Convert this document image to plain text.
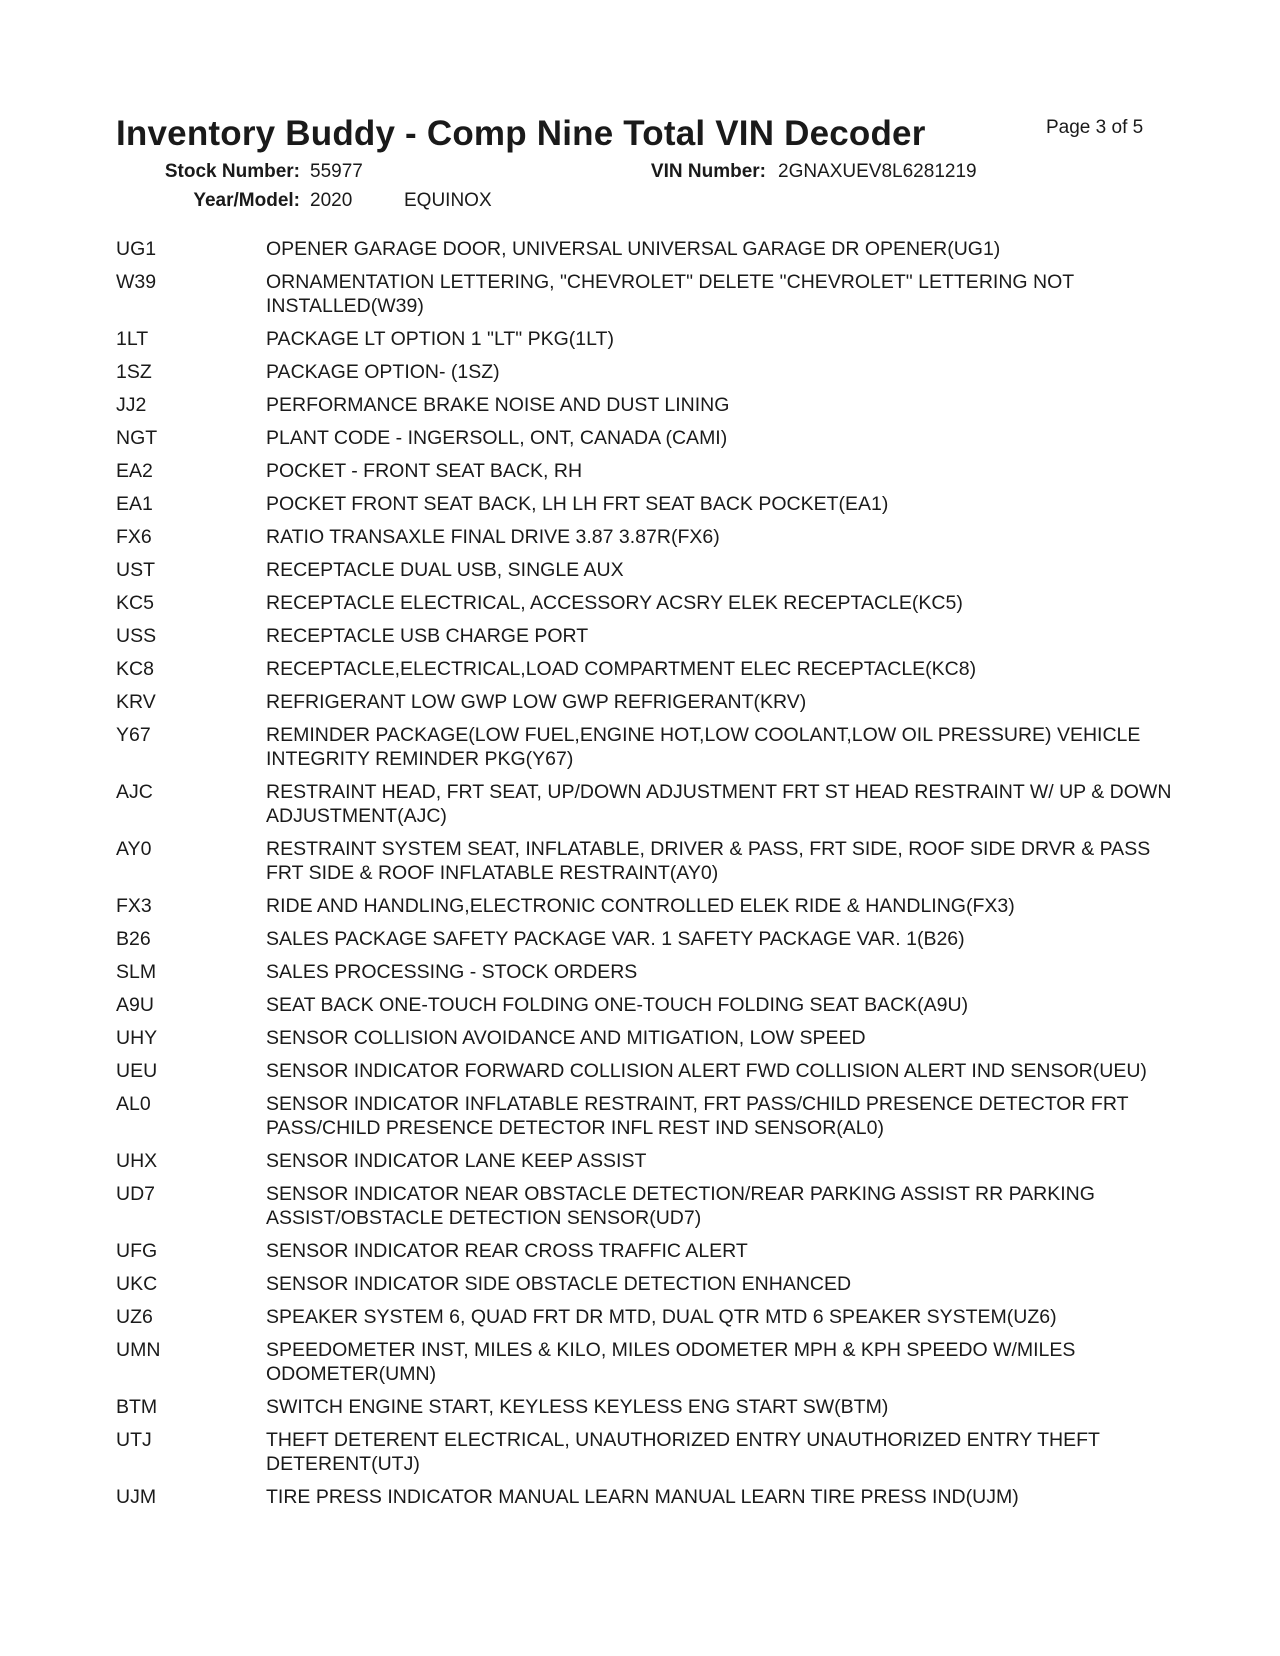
Inventory Buddy - Comp Nine Total VIN Decoder	Page 3 of 5
Stock Number: 55977	VIN Number: 2GNAXUEV8L6281219
Year/Model: 2020	EQUINOX
UG1	OPENER GARAGE DOOR, UNIVERSAL UNIVERSAL GARAGE DR OPENER(UG1)
W39	ORNAMENTATION LETTERING, "CHEVROLET" DELETE "CHEVROLET" LETTERING NOT INSTALLED(W39)
1LT	PACKAGE LT OPTION 1 "LT" PKG(1LT)
1SZ	PACKAGE OPTION- (1SZ)
JJ2	PERFORMANCE BRAKE NOISE AND DUST LINING
NGT	PLANT CODE - INGERSOLL, ONT, CANADA (CAMI)
EA2	POCKET - FRONT SEAT BACK, RH
EA1	POCKET FRONT SEAT BACK, LH LH FRT SEAT BACK POCKET(EA1)
FX6	RATIO TRANSAXLE FINAL DRIVE 3.87 3.87R(FX6)
UST	RECEPTACLE DUAL USB, SINGLE AUX
KC5	RECEPTACLE ELECTRICAL, ACCESSORY ACSRY ELEK RECEPTACLE(KC5)
USS	RECEPTACLE USB CHARGE PORT
KC8	RECEPTACLE,ELECTRICAL,LOAD COMPARTMENT ELEC RECEPTACLE(KC8)
KRV	REFRIGERANT LOW GWP LOW GWP REFRIGERANT(KRV)
Y67	REMINDER PACKAGE(LOW FUEL,ENGINE HOT,LOW COOLANT,LOW OIL PRESSURE) VEHICLE INTEGRITY REMINDER PKG(Y67)
AJC	RESTRAINT HEAD, FRT SEAT, UP/DOWN ADJUSTMENT FRT ST HEAD RESTRAINT W/ UP & DOWN ADJUSTMENT(AJC)
AY0	RESTRAINT SYSTEM SEAT, INFLATABLE, DRIVER & PASS, FRT SIDE, ROOF SIDE DRVR & PASS FRT SIDE & ROOF INFLATABLE RESTRAINT(AY0)
FX3	RIDE AND HANDLING,ELECTRONIC CONTROLLED ELEK RIDE & HANDLING(FX3)
B26	SALES PACKAGE SAFETY PACKAGE VAR. 1 SAFETY PACKAGE VAR. 1(B26)
SLM	SALES PROCESSING - STOCK ORDERS
A9U	SEAT BACK ONE-TOUCH FOLDING ONE-TOUCH FOLDING SEAT BACK(A9U)
UHY	SENSOR COLLISION AVOIDANCE AND MITIGATION, LOW SPEED
UEU	SENSOR INDICATOR FORWARD COLLISION ALERT FWD COLLISION ALERT IND SENSOR(UEU)
AL0	SENSOR INDICATOR INFLATABLE RESTRAINT, FRT PASS/CHILD PRESENCE DETECTOR FRT PASS/CHILD PRESENCE DETECTOR INFL REST IND SENSOR(AL0)
UHX	SENSOR INDICATOR LANE KEEP ASSIST
UD7	SENSOR INDICATOR NEAR OBSTACLE DETECTION/REAR PARKING ASSIST RR PARKING ASSIST/OBSTACLE DETECTION SENSOR(UD7)
UFG	SENSOR INDICATOR REAR CROSS TRAFFIC ALERT
UKC	SENSOR INDICATOR SIDE OBSTACLE DETECTION ENHANCED
UZ6	SPEAKER SYSTEM 6, QUAD FRT DR MTD, DUAL QTR MTD 6 SPEAKER SYSTEM(UZ6)
UMN	SPEEDOMETER INST, MILES & KILO, MILES ODOMETER MPH & KPH SPEEDO W/MILES ODOMETER(UMN)
BTM	SWITCH ENGINE START, KEYLESS KEYLESS ENG START SW(BTM)
UTJ	THEFT DETERENT ELECTRICAL, UNAUTHORIZED ENTRY UNAUTHORIZED ENTRY THEFT DETERENT(UTJ)
UJM	TIRE PRESS INDICATOR MANUAL LEARN MANUAL LEARN TIRE PRESS IND(UJM)
